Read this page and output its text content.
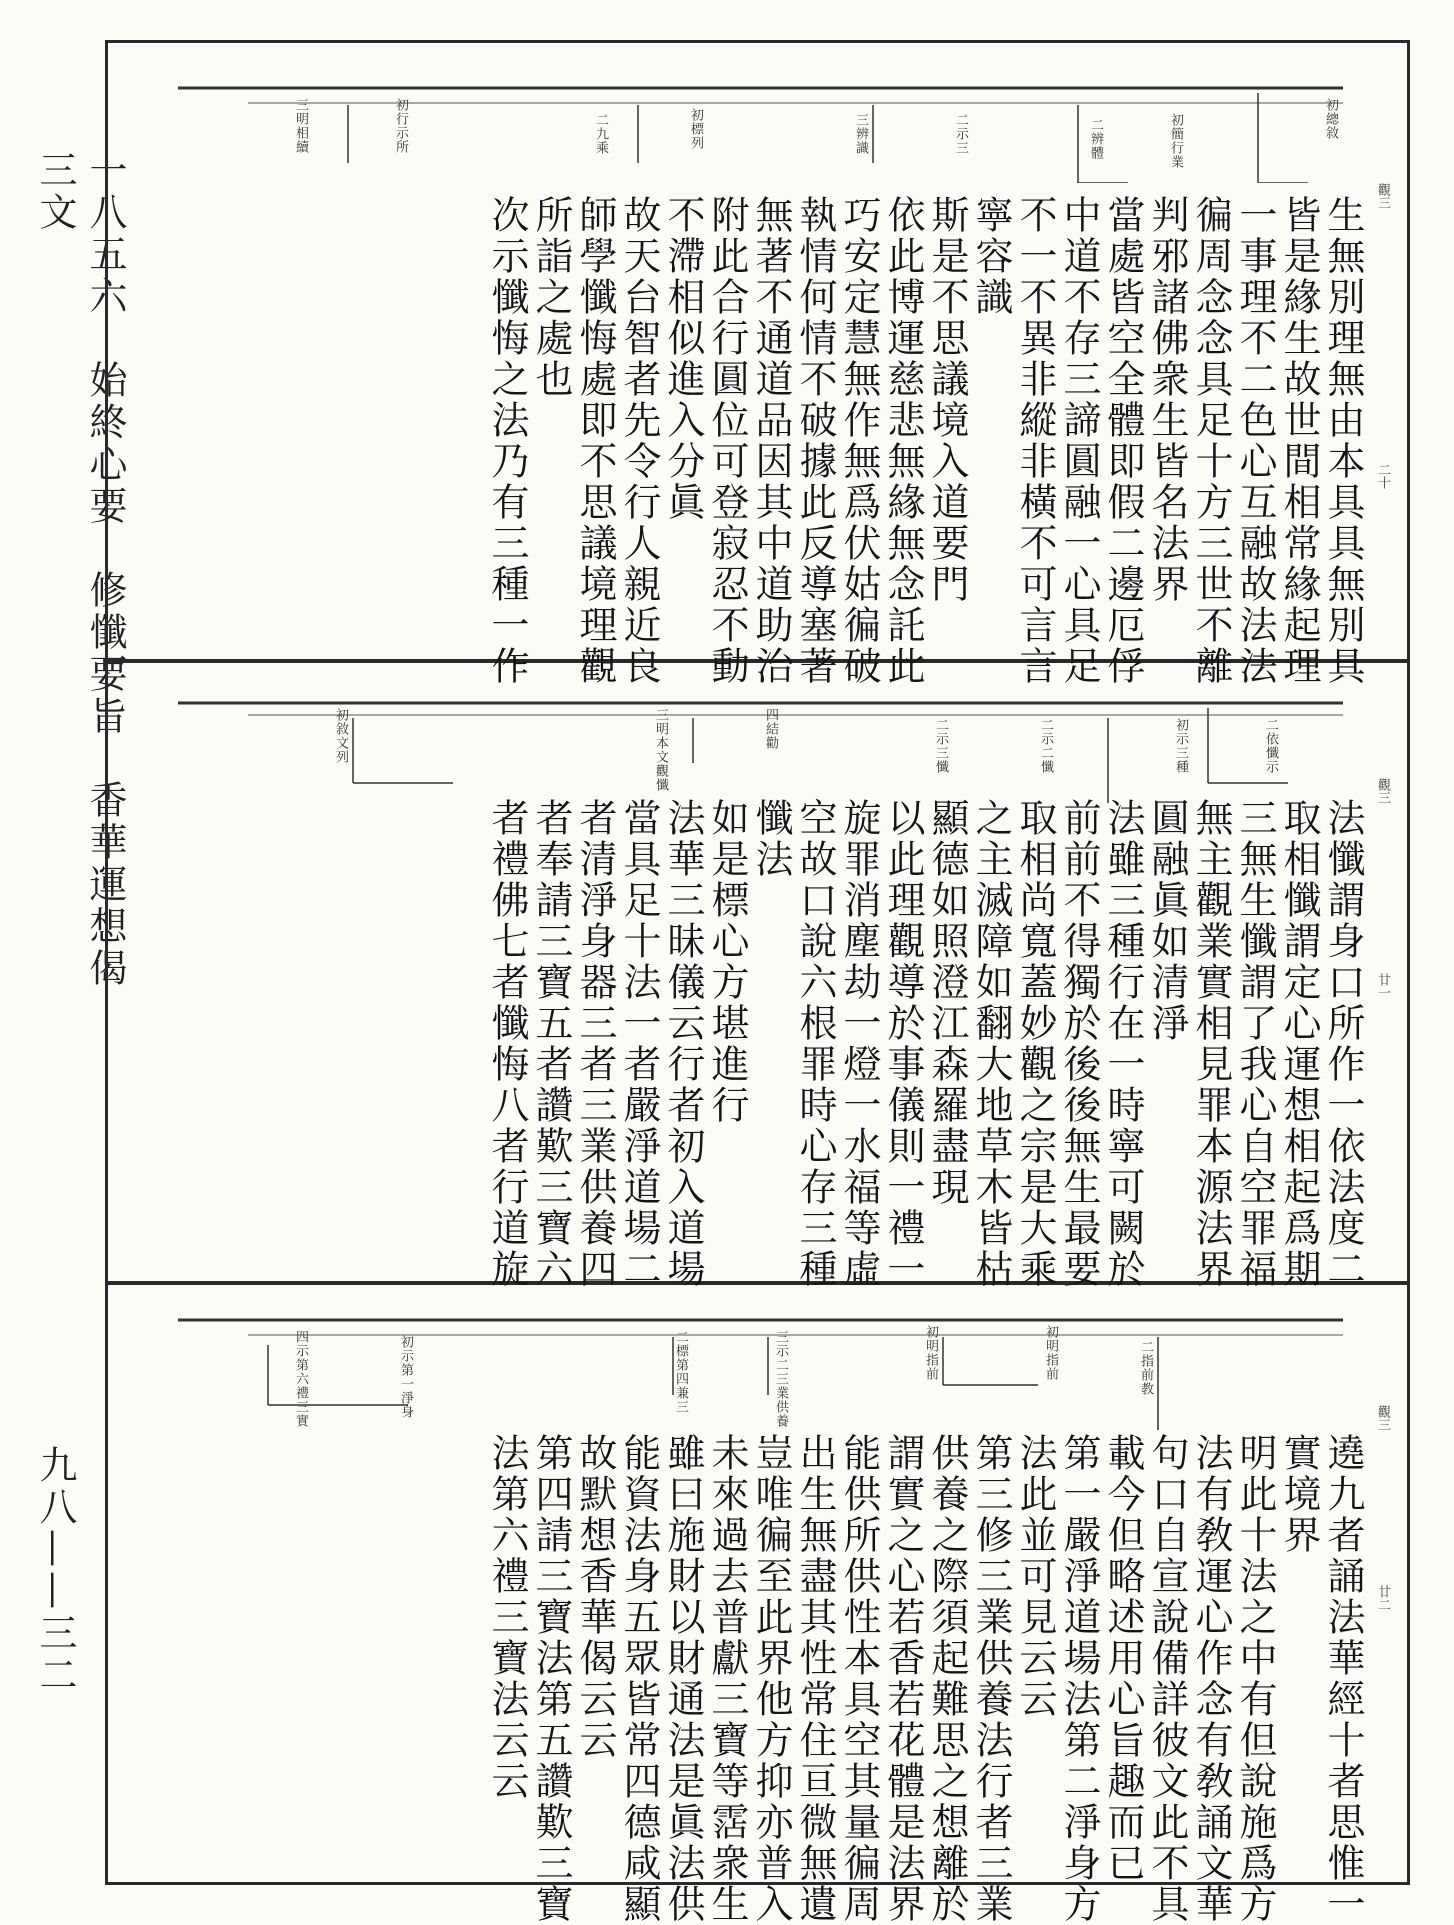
一八五六　始終心要　修懺要旨　香華運想偈三文
九八——三二
初總敘
初簡行業
二辨體
二示三
三辨識
初標列
二九乘
初行示所
三明相續
觀三
二十
生無別理無由本具具無別具
皆是緣生故世間相常緣起理
一事理不二色心互融故法法
徧周念念具足十方三世不離
判邪諸佛衆生皆名法界
當處皆空全體即假二邊厄俘
中道不存三諦圓融一心具足
不一不異非縱非橫不可言言
寧容識
斯是不思議境入道要門
依此博運慈悲無緣無念託此
巧安定慧無作無爲伏姑徧破
執情何情不破據此反導塞著
無著不通道品因其中道助治
附此合行圓位可登寂忍不動
不滯相似進入分眞
故天台智者先令行人親近良
師學懺悔處即不思議境理觀
所詣之處也
次示懺悔之法乃有三種一作
二依懺示
初示三種
二示二懺
二示三懺
四結勸
三明本文觀懺
初敘文列
觀三
廿一
法懺謂身口所作一依法度二
取相懺謂定心運想相起爲期
三無生懺謂了我心自空罪福
無主觀業實相見罪本源法界
圓融眞如清淨
法雖三種行在一時寧可闕於
前前不得獨於後後無生最要
取相尚寬蓋妙觀之宗是大乘
之主滅障如翻大地草木皆枯
顯德如照澄江森羅盡現
以此理觀導於事儀則一禮一
旋罪消塵劫一燈一水福等虛
空故口說六根罪時心存三種
懺法
如是標心方堪進行
法華三昧儀云行者初入道場
當具足十法一者嚴淨道場二
者清淨身器三者三業供養四
者奉請三寶五者讚歎三寶六
者禮佛七者懺悔八者行道旋
二指前教
初明指前
初明指前
三示二三業供養
二標第四兼三
初示第一淨身
四示第六禮三實	觀三
廿二
遶九者誦法華經十者思惟一
實境界
明此十法之中有但說施爲方
法有敎運心作念有敎誦文華
句口自宣說備詳彼文此不具
載今但略述用心旨趣而已
第一嚴淨道場法第二淨身方
法此並可見云云
第三修三業供養法行者三業
供養之際須起難思之想離於
謂實之心若香若花體是法界
能供所供性本具空其量徧周
出生無盡其性常住亘微無遺
豈唯徧至此界他方抑亦普入
未來過去普獻三寶等霑衆生
雖曰施財以財通法是眞法供
能資法身五眾皆常四德咸顯
故默想香華偈云云
第四請三寶法第五讚歎三寶
法第六禮三寶法云云
